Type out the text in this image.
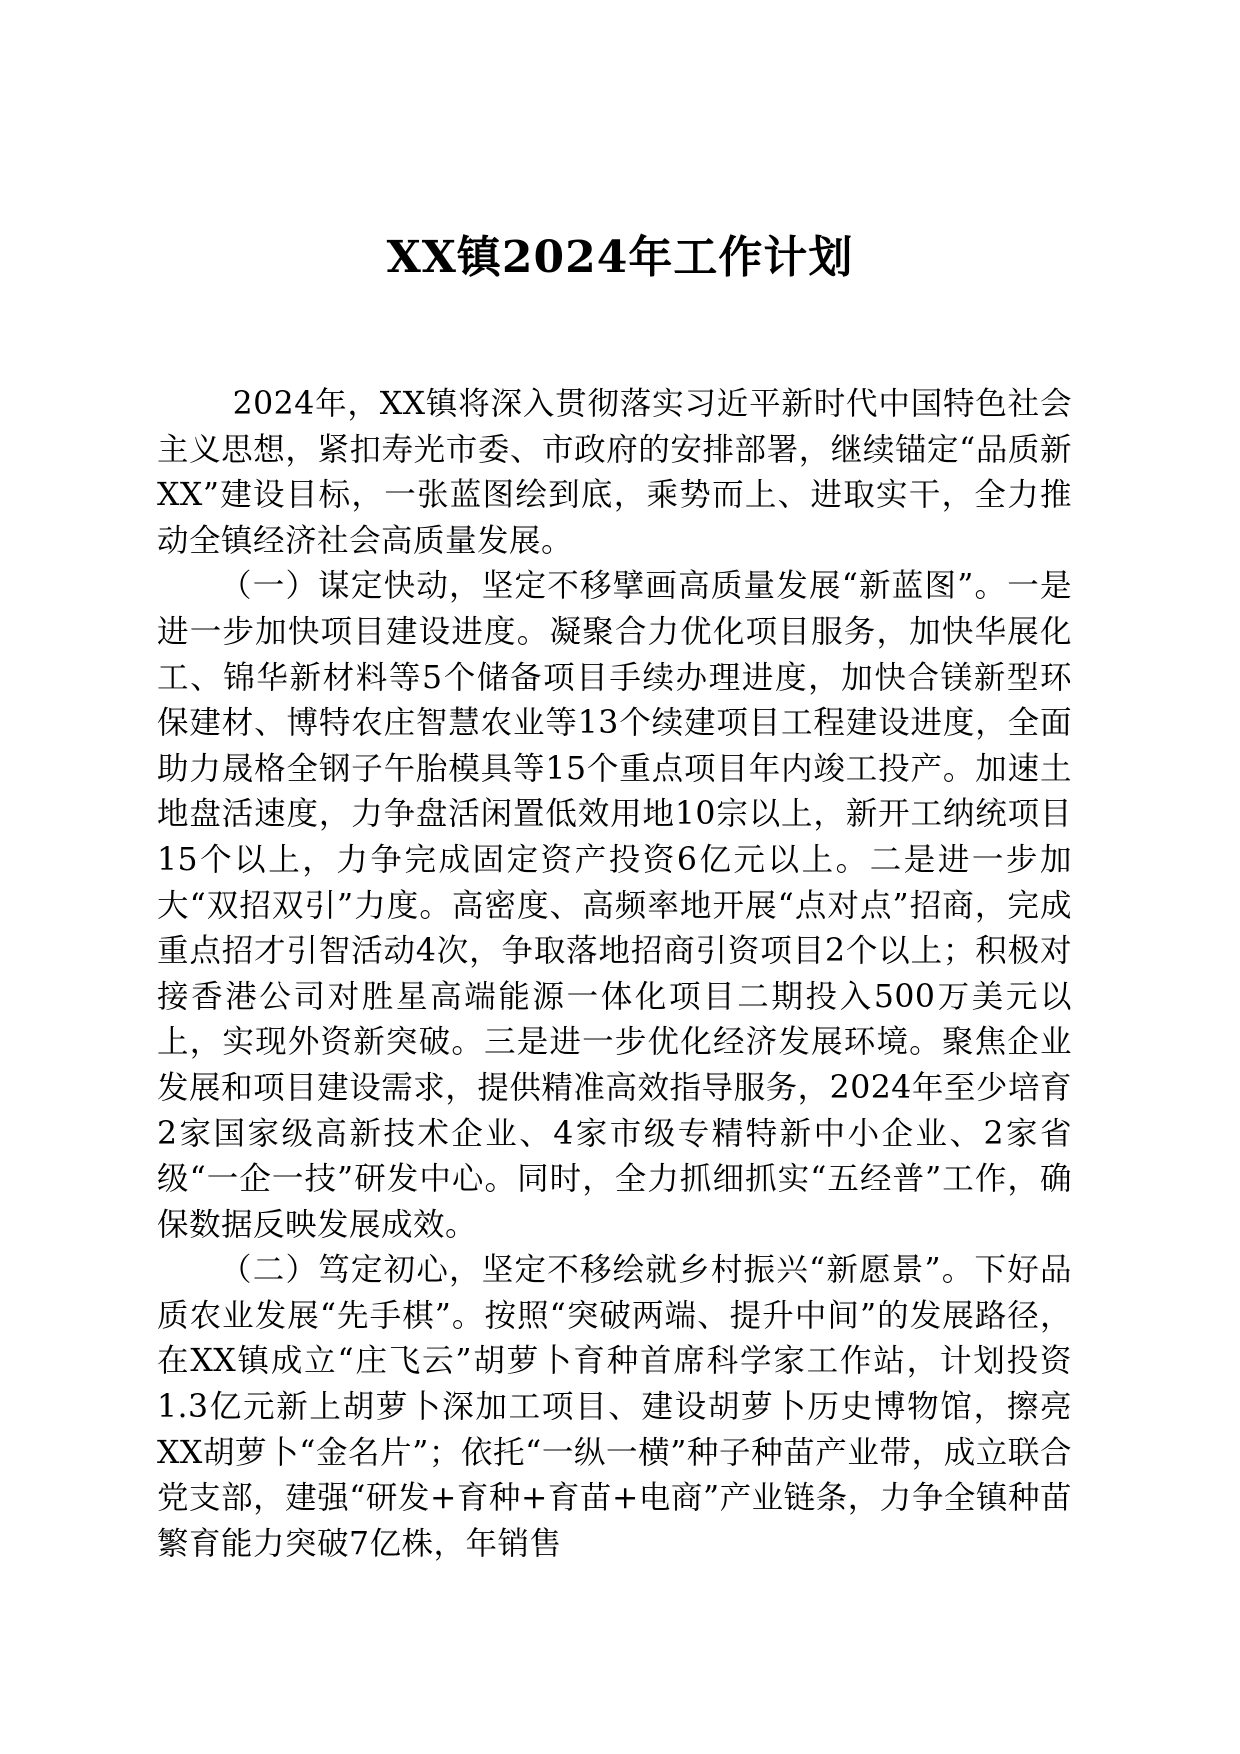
XX镇2024年工作计划

2024年，XX镇将深入贯彻落实习近平新时代中国特色社会主义思想，紧扣寿光市委、市政府的安排部署，继续锚定“品质新XX”建设目标，一张蓝图绘到底，乘势而上、进取实干，全力推动全镇经济社会高质量发展。

（一）谋定快动，坚定不移擘画高质量发展“新蓝图”。一是进一步加快项目建设进度。凝聚合力优化项目服务，加快华展化工、锦华新材料等5个储备项目手续办理进度，加快合镁新型环保建材、博特农庄智慧农业等13个续建项目工程建设进度，全面助力晟格全钢子午胎模具等15个重点项目年内竣工投产。加速土地盘活速度，力争盘活闲置低效用地10宗以上，新开工纳统项目15个以上，力争完成固定资产投资6亿元以上。二是进一步加大“双招双引”力度。高密度、高频率地开展“点对点”招商，完成重点招才引智活动4次，争取落地招商引资项目2个以上；积极对接香港公司对胜星高端能源一体化项目二期投入500万美元以上，实现外资新突破。三是进一步优化经济发展环境。聚焦企业发展和项目建设需求，提供精准高效指导服务，2024年至少培育2家国家级高新技术企业、4家市级专精特新中小企业、2家省级“一企一技”研发中心。同时，全力抓细抓实“五经普”工作，确保数据反映发展成效。

（二）笃定初心，坚定不移绘就乡村振兴“新愿景”。下好品质农业发展“先手棋”。按照“突破两端、提升中间”的发展路径，在XX镇成立“庄飞云”胡萝卜育种首席科学家工作站，计划投资1.3亿元新上胡萝卜深加工项目、建设胡萝卜历史博物馆，擦亮XX胡萝卜“金名片”；依托“一纵一横”种子种苗产业带，成立联合党支部，建强“研发+育种+育苗+电商”产业链条，力争全镇种苗繁育能力突破7亿株，年销售
